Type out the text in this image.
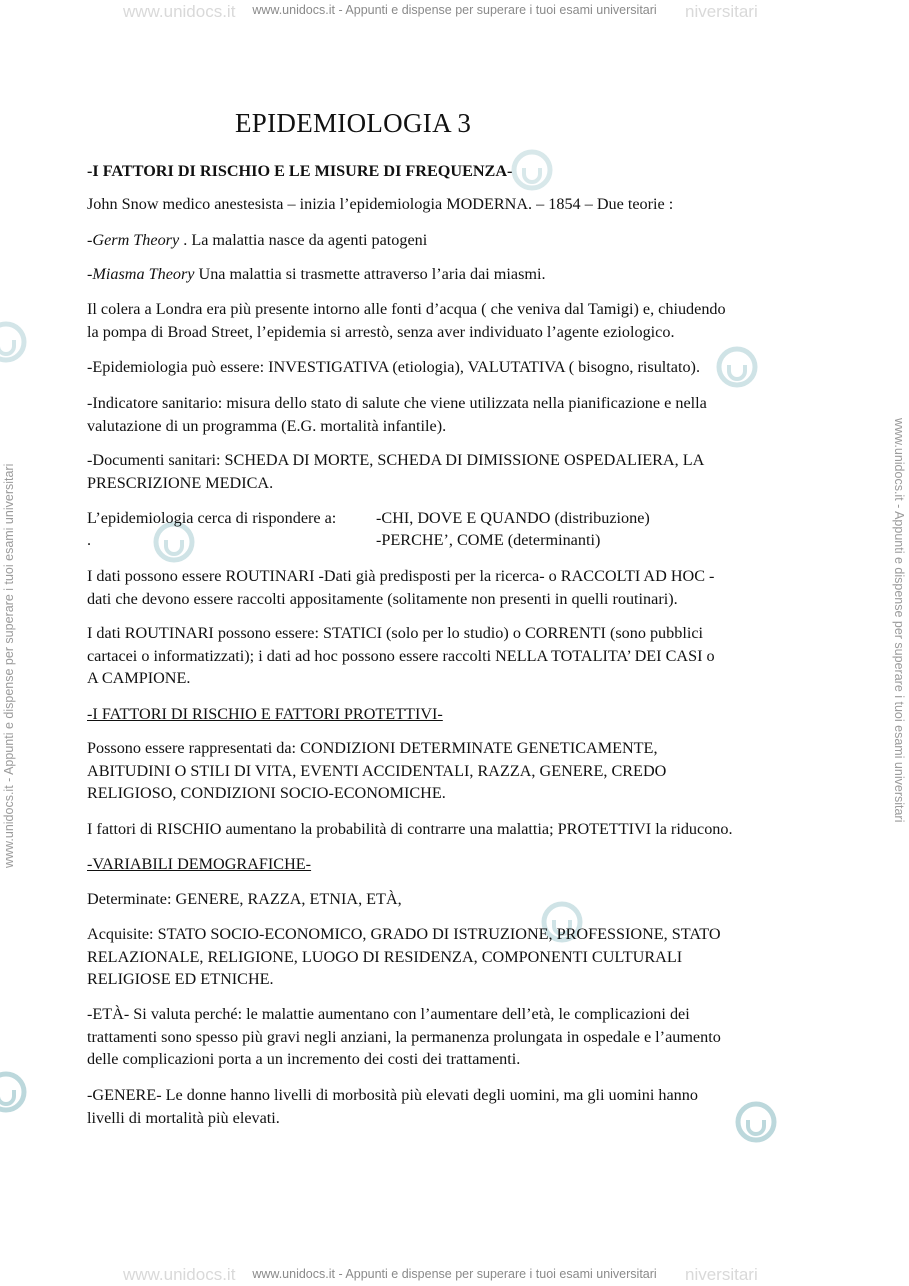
www.unidocs.it	niversitari
www.unidocs.it	niversitari
www.unidocs.it - Appunti e dispense per superare i tuoi esami universitari
www.unidocs.it - Appunti e dispense per superare i tuoi esami universitari
www.unidocs.it - Appunti e dispense per superare i tuoi esami universitari	www.unidocs.it - Appunti e dispense per superare i tuoi esami universitari
EPIDEMIOLOGIA 3
-I FATTORI DI RISCHIO E LE MISURE DI FREQUENZA-
John Snow medico anestesista – inizia l’epidemiologia MODERNA. – 1854 – Due teorie :
-Germ Theory . La malattia nasce da agenti patogeni
-Miasma Theory Una malattia si trasmette attraverso l’aria dai miasmi.
Il colera a Londra era più presente intorno alle fonti d’acqua ( che veniva dal Tamigi) e, chiudendo
la pompa di Broad Street, l’epidemia si arrestò, senza aver individuato l’agente eziologico.
-Epidemiologia può essere: INVESTIGATIVA (etiologia), VALUTATIVA ( bisogno, risultato).
-Indicatore sanitario: misura dello stato di salute che viene utilizzata nella pianificazione e nella
valutazione di un programma (E.G. mortalità infantile).
-Documenti sanitari: SCHEDA DI MORTE, SCHEDA DI DIMISSIONE OSPEDALIERA, LA
PRESCRIZIONE MEDICA.
L’epidemiologia cerca di rispondere a: -CHI, DOVE E QUANDO (distribuzione)
.	-PERCHE’, COME (determinanti)
I dati possono essere ROUTINARI -Dati già predisposti per la ricerca- o RACCOLTI AD HOC -
dati che devono essere raccolti appositamente (solitamente non presenti in quelli routinari).
I dati ROUTINARI possono essere: STATICI (solo per lo studio) o CORRENTI (sono pubblici
cartacei o informatizzati); i dati ad hoc possono essere raccolti NELLA TOTALITA’ DEI CASI o
A CAMPIONE.
-I FATTORI DI RISCHIO E FATTORI PROTETTIVI-
Possono essere rappresentati da: CONDIZIONI DETERMINATE GENETICAMENTE,
ABITUDINI O STILI DI VITA, EVENTI ACCIDENTALI, RAZZA, GENERE, CREDO
RELIGIOSO, CONDIZIONI SOCIO-ECONOMICHE.
I fattori di RISCHIO aumentano la probabilità di contrarre una malattia; PROTETTIVI la riducono.
-VARIABILI DEMOGRAFICHE-
Determinate: GENERE, RAZZA, ETNIA, ETÀ,
Acquisite: STATO SOCIO-ECONOMICO, GRADO DI ISTRUZIONE, PROFESSIONE, STATO
RELAZIONALE, RELIGIONE, LUOGO DI RESIDENZA, COMPONENTI CULTURALI
RELIGIOSE ED ETNICHE.
-ETÀ- Si valuta perché: le malattie aumentano con l’aumentare dell’età, le complicazioni dei
trattamenti sono spesso più gravi negli anziani, la permanenza prolungata in ospedale e l’aumento
delle complicazioni porta a un incremento dei costi dei trattamenti.
-GENERE- Le donne hanno livelli di morbosità più elevati degli uomini, ma gli uomini hanno
livelli di mortalità più elevati.
